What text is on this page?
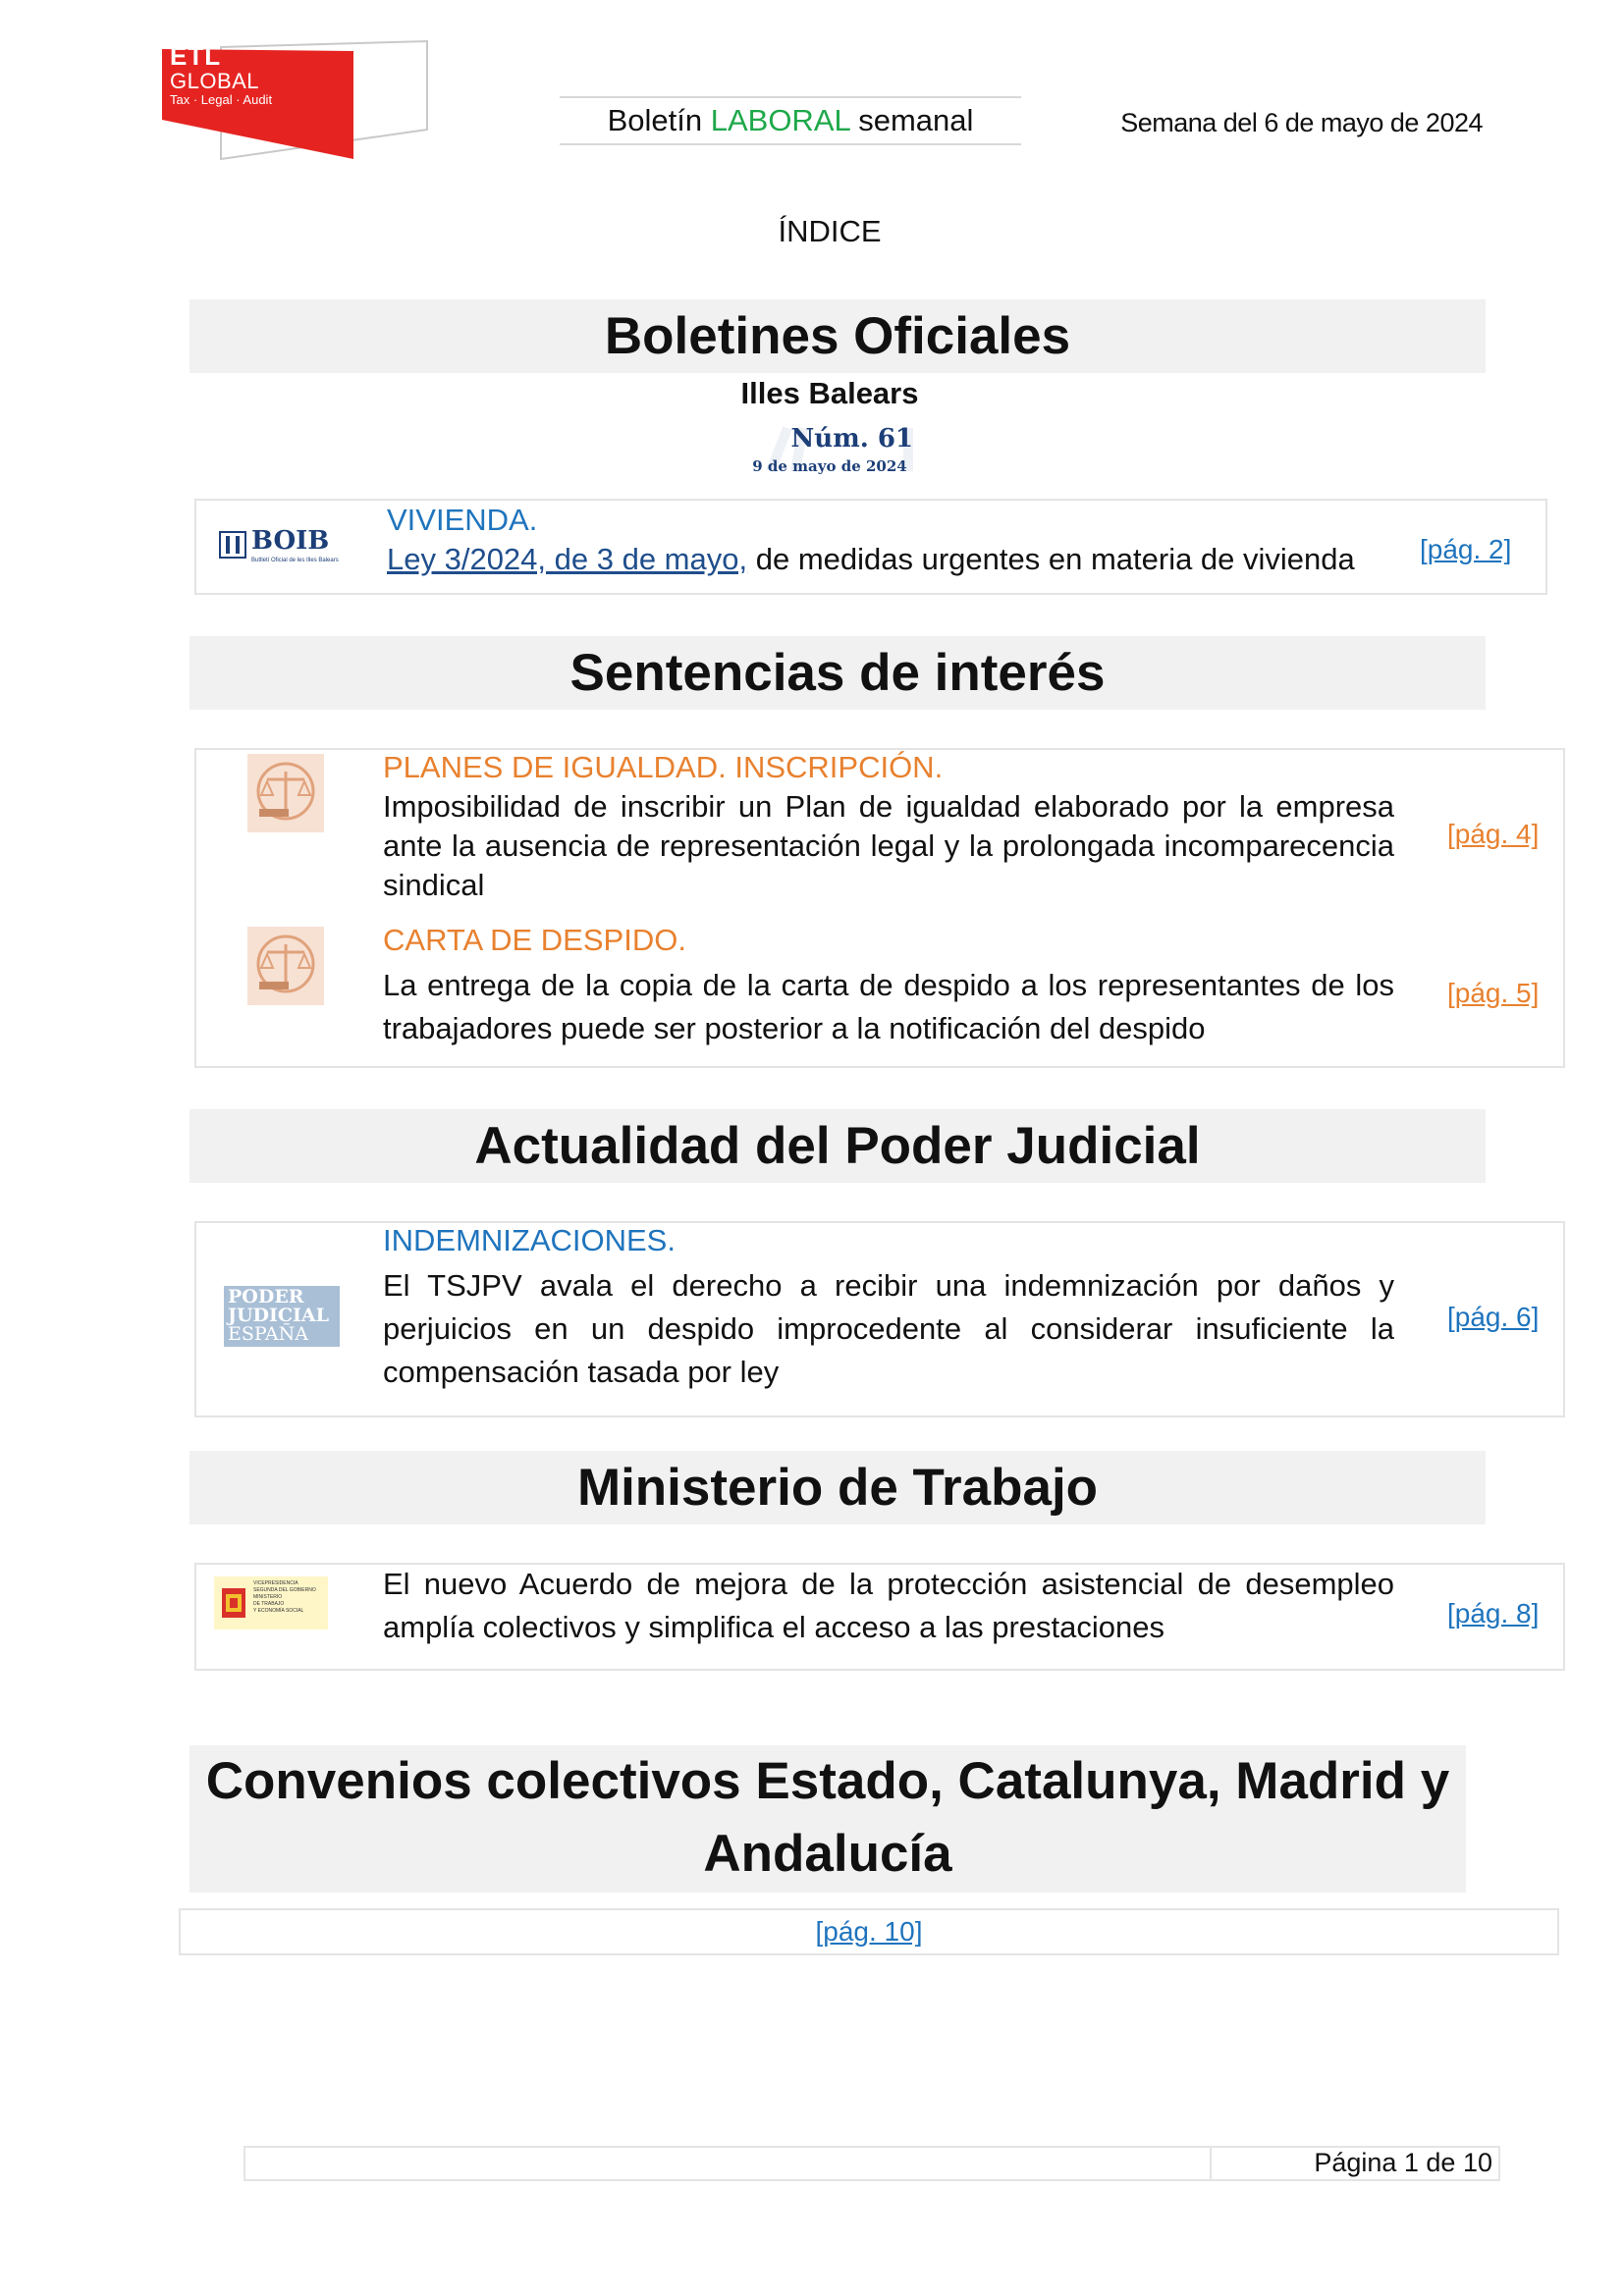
ETL
GLOBAL
Tax · Legal · Audit
Boletín LABORAL semanal	Semana del 6 de mayo de 2024
ÍNDICE
Boletines Oficiales
Illes Balears
Núm. 61
9 de mayo de 2024
BOIB
Butlletí Oficial de les Illes Balears
VIVIENDA.
Ley 3/2024, de 3 de mayo, de medidas urgentes en materia de vivienda [pág. 2]
Sentencias de interés
PLANES DE IGUALDAD. INSCRIPCIÓN.
Imposibilidad de inscribir un Plan de igualdad elaborado por la empresa ante la ausencia de representación legal y la prolongada incomparecencia sindical
[pág. 4]
CARTA DE DESPIDO.
La entrega de la copia de la carta de despido a los representantes de los trabajadores puede ser posterior a la notificación del despido
[pág. 5]
Actualidad del Poder Judicial
PODER
JUDICIAL
ESPAÑA
INDEMNIZACIONES.
El TSJPV avala el derecho a recibir una indemnización por daños y perjuicios en un despido improcedente al considerar insuficiente la compensación tasada por ley
[pág. 6]
Ministerio de Trabajo
VICEPRESIDENCIA
SEGUNDA DEL GOBIERNO
MINISTERIO
DE TRABAJO
Y ECONOMÍA SOCIAL
El nuevo Acuerdo de mejora de la protección asistencial de desempleo amplía colectivos y simplifica el acceso a las prestaciones	[pág. 8]
Convenios colectivos Estado, Catalunya, Madrid y
Andalucía
[pág. 10]
Página 1 de 10
